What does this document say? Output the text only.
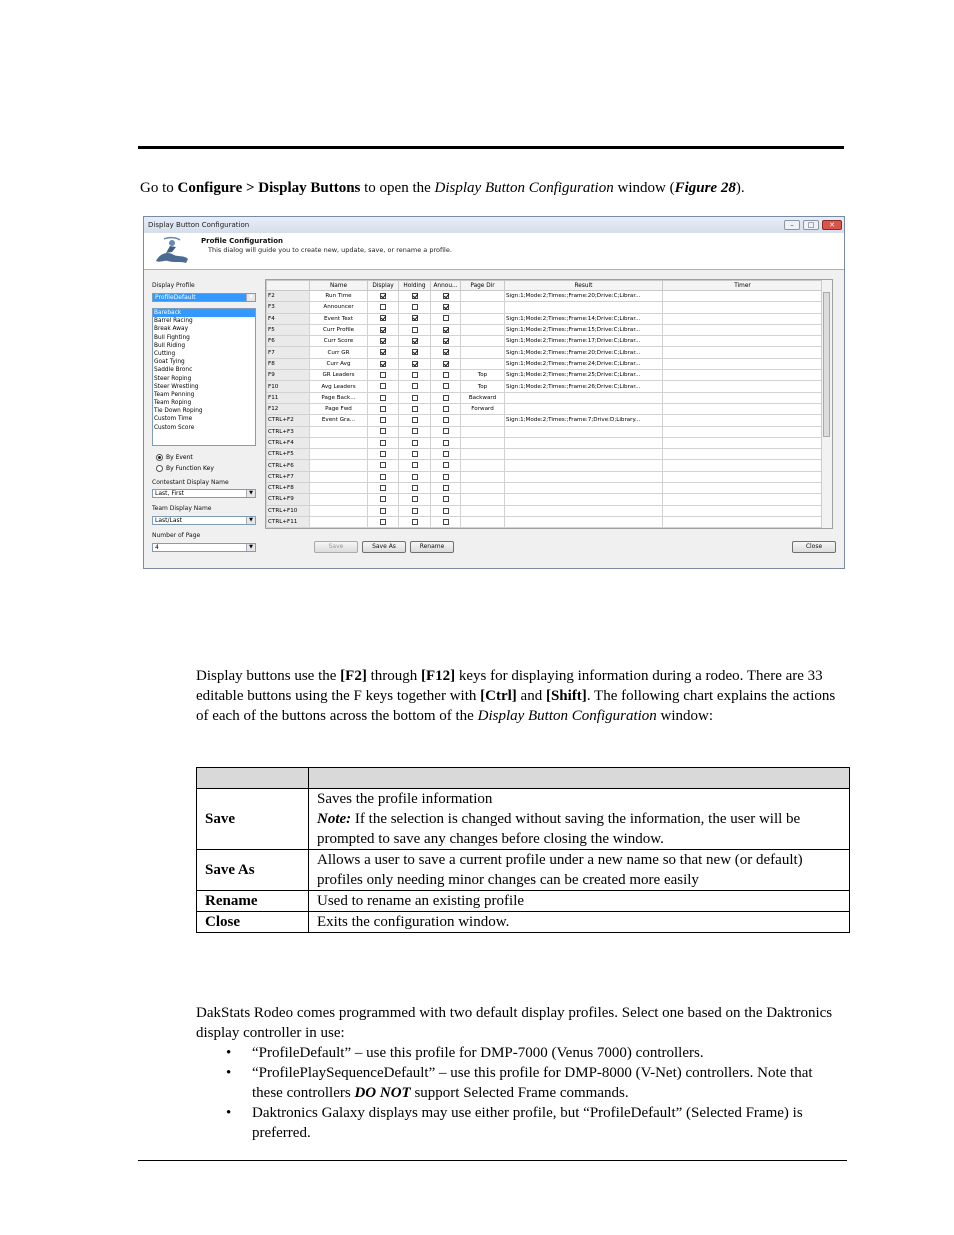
Go to Configure > Display Buttons to open the Display Button Configuration window (Figure 28).
Display Button Configuration	–	□	✕
Profile Configuration
This dialog will guide you to create new, update, save, or rename a profile.
Display Profile
ProfileDefault	▼
Bareback
Barrel Racing
Break Away
Bull Fighting
Bull Riding
Cutting
Goat Tying
Saddle Bronc
Steer Roping
Steer Wrestling
Team Penning
Team Roping
Tie Down Roping
Custom Time
Custom Score
By Event
By Function Key
Contestant Display Name
Last, First	▼
Team Display Name
Last/Last	▼
Number of Page
4	▼
	Name	Display	Holding	Annou...	Page Dir	Result	Timer
F2	Run Time					Sign:1;Mode:2;Times:;Frame:20;Drive:C;Librar...	
F3	Announcer						
F4	Event Text					Sign:1;Mode:2;Times:;Frame:14;Drive:C;Librar...	
F5	Curr Profile					Sign:1;Mode:2;Times:;Frame:15;Drive:C;Librar...	
F6	Curr Score					Sign:1;Mode:2;Times:;Frame:17;Drive:C;Librar...	
F7	Curr GR					Sign:1;Mode:2;Times:;Frame:20;Drive:C;Librar...	
F8	Curr Avg					Sign:1;Mode:2;Times:;Frame:24;Drive:C;Librar...	
F9	GR Leaders				Top	Sign:1;Mode:2;Times:;Frame:25;Drive:C;Librar...	
F10	Avg Leaders				Top	Sign:1;Mode:2;Times:;Frame:26;Drive:C;Librar...	
F11	Page Back...				Backward		
F12	Page Fwd				Forward		
CTRL+F2	Event Gra...					Sign:1;Mode:2;Times:;Frame:7;Drive:D;Library...	
CTRL+F3							
CTRL+F4							
CTRL+F5							
CTRL+F6							
CTRL+F7							
CTRL+F8							
CTRL+F9							
CTRL+F10							
CTRL+F11							
Save	Save As	Rename	Close
Display buttons use the [F2] through [F12] keys for displaying information during a rodeo. There are 33 editable buttons using the F keys together with [Ctrl] and [Shift]. The following chart explains the actions of each of the buttons across the bottom of the Display Button Configuration window:

Save	Saves the profile information
Note: If the selection is changed without saving the information, the user will be prompted to save any changes before closing the window.
Save As	Allows a user to save a current profile under a new name so that new (or default) profiles only needing minor changes can be created more easily
Rename	Used to rename an existing profile
Close	Exits the configuration window.
DakStats Rodeo comes programmed with two default display profiles. Select one based on the Daktronics display controller in use:
• “ProfileDefault” – use this profile for DMP-7000 (Venus 7000) controllers.
• “ProfilePlaySequenceDefault” – use this profile for DMP-8000 (V-Net) controllers. Note that these controllers DO NOT support Selected Frame commands.
• Daktronics Galaxy displays may use either profile, but “ProfileDefault” (Selected Frame) is preferred.
